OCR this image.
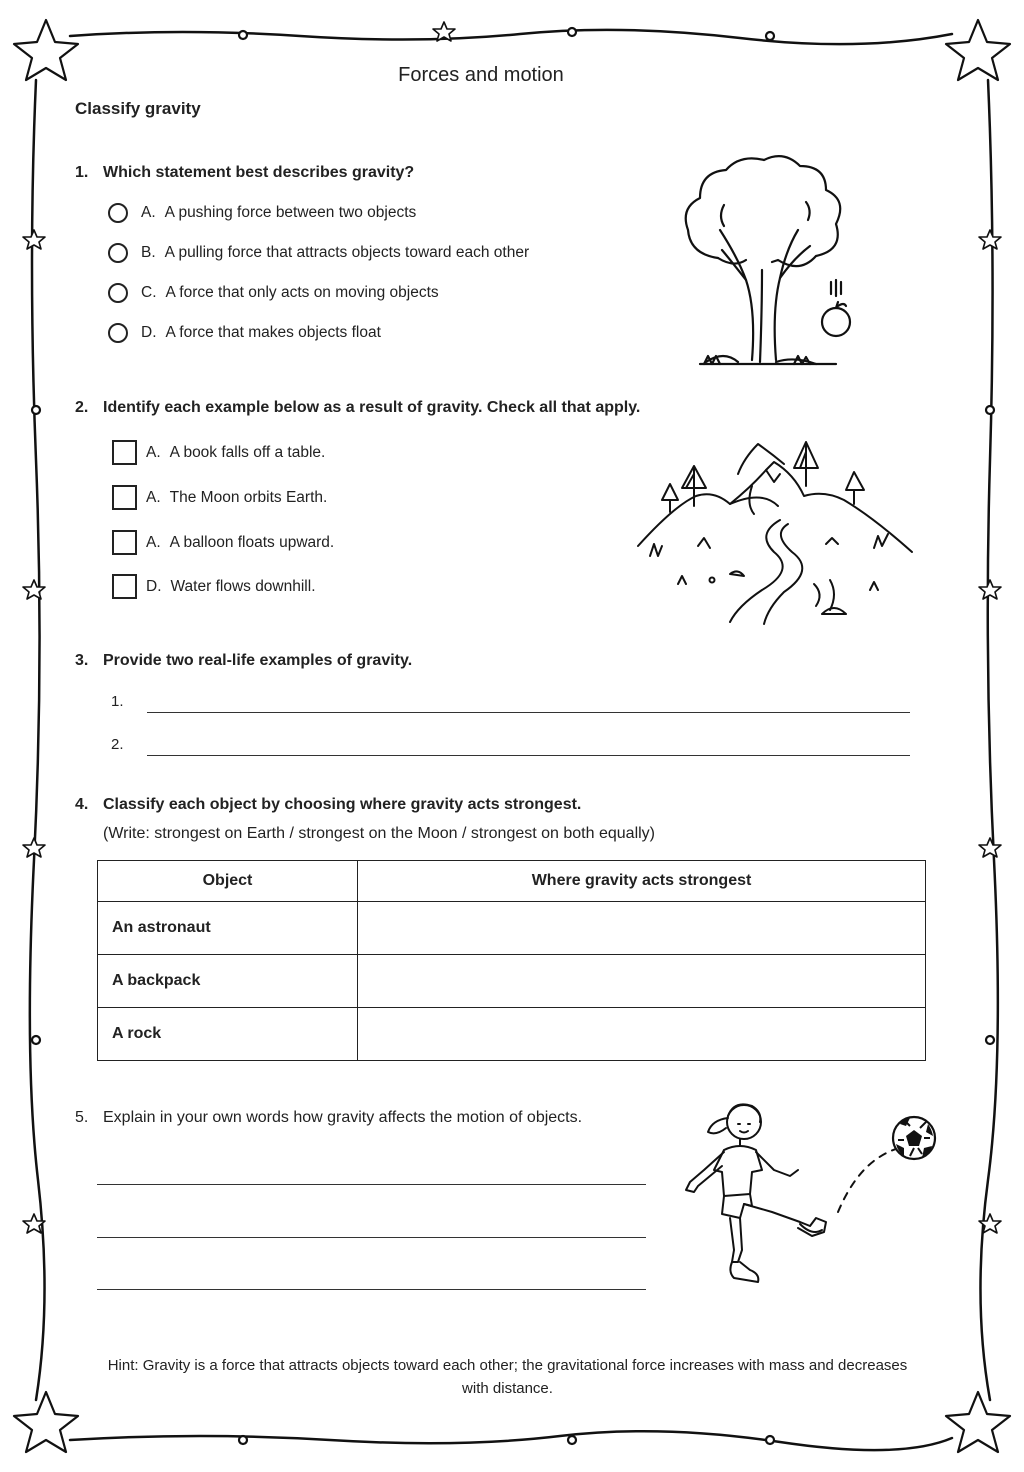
Forces and motion
Classify gravity
1. Which statement best describes gravity?
A. A pushing force between two objects
B. A pulling force that attracts objects toward each other
C. A force that only acts on moving objects
D. A force that makes objects float
2. Identify each example below as a result of gravity. Check all that apply.
A. A book falls off a table.
A. The Moon orbits Earth.
A. A balloon floats upward.
D. Water flows downhill.
3. Provide two real-life examples of gravity.
1.
2.
4. Classify each object by choosing where gravity acts strongest.
(Write: strongest on Earth / strongest on the Moon / strongest on both equally)
Object	Where gravity acts strongest
An astronaut	
A backpack	
A rock	
5. Explain in your own words how gravity affects the motion of objects.
Hint: Gravity is a force that attracts objects toward each other; the gravitational force increases with mass and decreases with distance.
